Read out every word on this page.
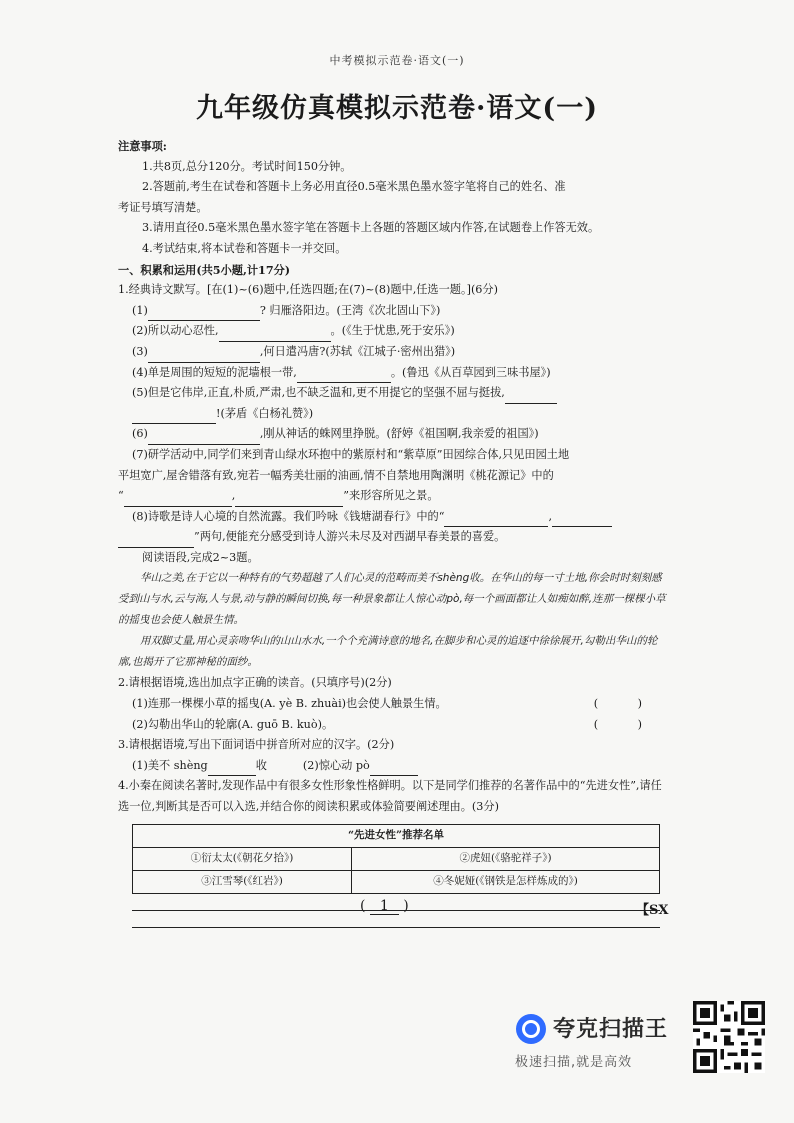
中考模拟示范卷·语文(一)
九年级仿真模拟示范卷·语文(一)

注意事项:

1.共8页,总分120分。考试时间150分钟。

2.答题前,考生在试卷和答题卡上务必用直径0.5毫米黑色墨水签字笔将自己的姓名、准

考证号填写清楚。

3.请用直径0.5毫米黑色墨水签字笔在答题卡上各题的答题区域内作答,在试题卷上作答无效。

4.考试结束,将本试卷和答题卡一并交回。

一、积累和运用(共5小题,计17分)

1.经典诗文默写。[在(1)~(6)题中,任选四题;在(7)~(8)题中,任选一题。](6分)

(1)	? 归雁洛阳边。(王湾《次北固山下》)

(2)所以动心忍性,	。(《生于忧患,死于安乐》)

(3)	,何日遣冯唐?(苏轼《江城子·密州出猎》)

(4)单是周围的短短的泥墙根一带,	。(鲁迅《从百草园到三味书屋》)

(5)但是它伟岸,正直,朴质,严肃,也不缺乏温和,更不用提它的坚强不屈与挺拔,

!(茅盾《白杨礼赞》)

(6)	,刚从神话的蛛网里挣脱。(舒婷《祖国啊,我亲爱的祖国》)

(7)研学活动中,同学们来到青山绿水环抱中的紫原村和“紫草原”田园综合体,只见田园土地

平坦宽广,屋舍错落有致,宛若一幅秀美壮丽的油画,情不自禁地用陶渊明《桃花源记》中的

“	,	”来形容所见之景。

(8)诗歌是诗人心境的自然流露。我们吟咏《钱塘湖春行》中的“	,

”两句,便能充分感受到诗人游兴未尽及对西湖早春美景的喜爱。

阅读语段,完成2~3题。

华山之美,在于它以一种特有的气势超越了人们心灵的范畴而美不shèng收。在华山的每一寸土地,你会时时刻刻感受到山与水,云与海,人与景,动与静的瞬间切换,每一种景象都让人惊心动pò,每一个画面都让人如痴如醉,连那一棵棵小草的摇曳也会使人触景生情。

用双脚丈量,用心灵亲吻华山的山山水水,一个个充满诗意的地名,在脚步和心灵的追逐中徐徐展开,勾勒出华山的轮廓,也揭开了它那神秘的面纱。

2.请根据语境,选出加点字正确的读音。(只填序号)(2分)

(1)连那一棵棵小草的摇曳(A. yè B. zhuài)也会使人触景生情。	( )
(2)勾勒出华山的轮廓(A. guō B. kuò)。	( )

3.请根据语境,写出下面词语中拼音所对应的汉字。(2分)

(1)美不 shèng	收	(2)惊心动 pò

4.小秦在阅读名著时,发现作品中有很多女性形象性格鲜明。以下是同学们推荐的名著作品中的“先进女性”,请任选一位,判断其是否可以入选,并结合你的阅读积累或体验简要阐述理由。(3分)

“先进女性”推荐名单	
①衍太太(《朝花夕拾》)	②虎妞(《骆驼祥子》)
③江雪琴(《红岩》)	④冬妮娅(《钢铁是怎样炼成的》)
( 1 )	【SX
夸克扫描王
极速扫描,就是高效
